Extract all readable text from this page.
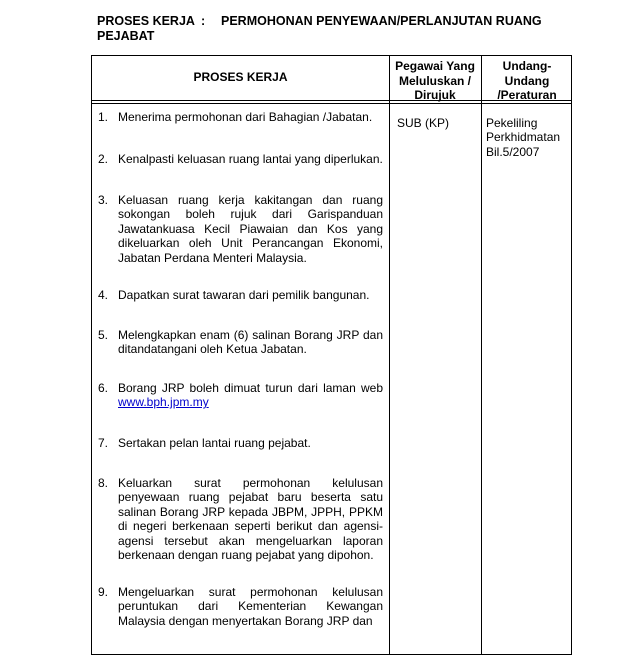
PROSES KERJA : PERMOHONAN PENYEWAAN/PERLANJUTAN RUANG
PEJABAT
PROSES KERJA
Pegawai Yang
Meluluskan /
Dirujuk
Undang-
Undang
/Peraturan
1. Menerima permohonan dari Bahagian /Jabatan.
2. Kenalpasti keluasan ruang lantai yang diperlukan.
3. Keluasan ruang kerja kakitangan dan ruang sokongan boleh rujuk dari Garispanduan Jawatankuasa Kecil Piawaian dan Kos yang dikeluarkan oleh Unit Perancangan Ekonomi, Jabatan Perdana Menteri Malaysia.
4. Dapatkan surat tawaran dari pemilik bangunan.
5. Melengkapkan enam (6) salinan Borang JRP dan ditandatangani oleh Ketua Jabatan.
6. Borang JRP boleh dimuat turun dari laman web www.bph.jpm.my
7. Sertakan pelan lantai ruang pejabat.
8. Keluarkan surat permohonan kelulusan penyewaan ruang pejabat baru beserta satu salinan Borang JRP kepada JBPM, JPPH, PPKM di negeri berkenaan seperti berikut dan agensi-agensi tersebut akan mengeluarkan laporan berkenaan dengan ruang pejabat yang dipohon.
9. Mengeluarkan surat permohonan kelulusan peruntukan dari Kementerian Kewangan Malaysia dengan menyertakan Borang JRP dan
SUB (KP)	Pekeliling
Perkhidmatan
Bil.5/2007
